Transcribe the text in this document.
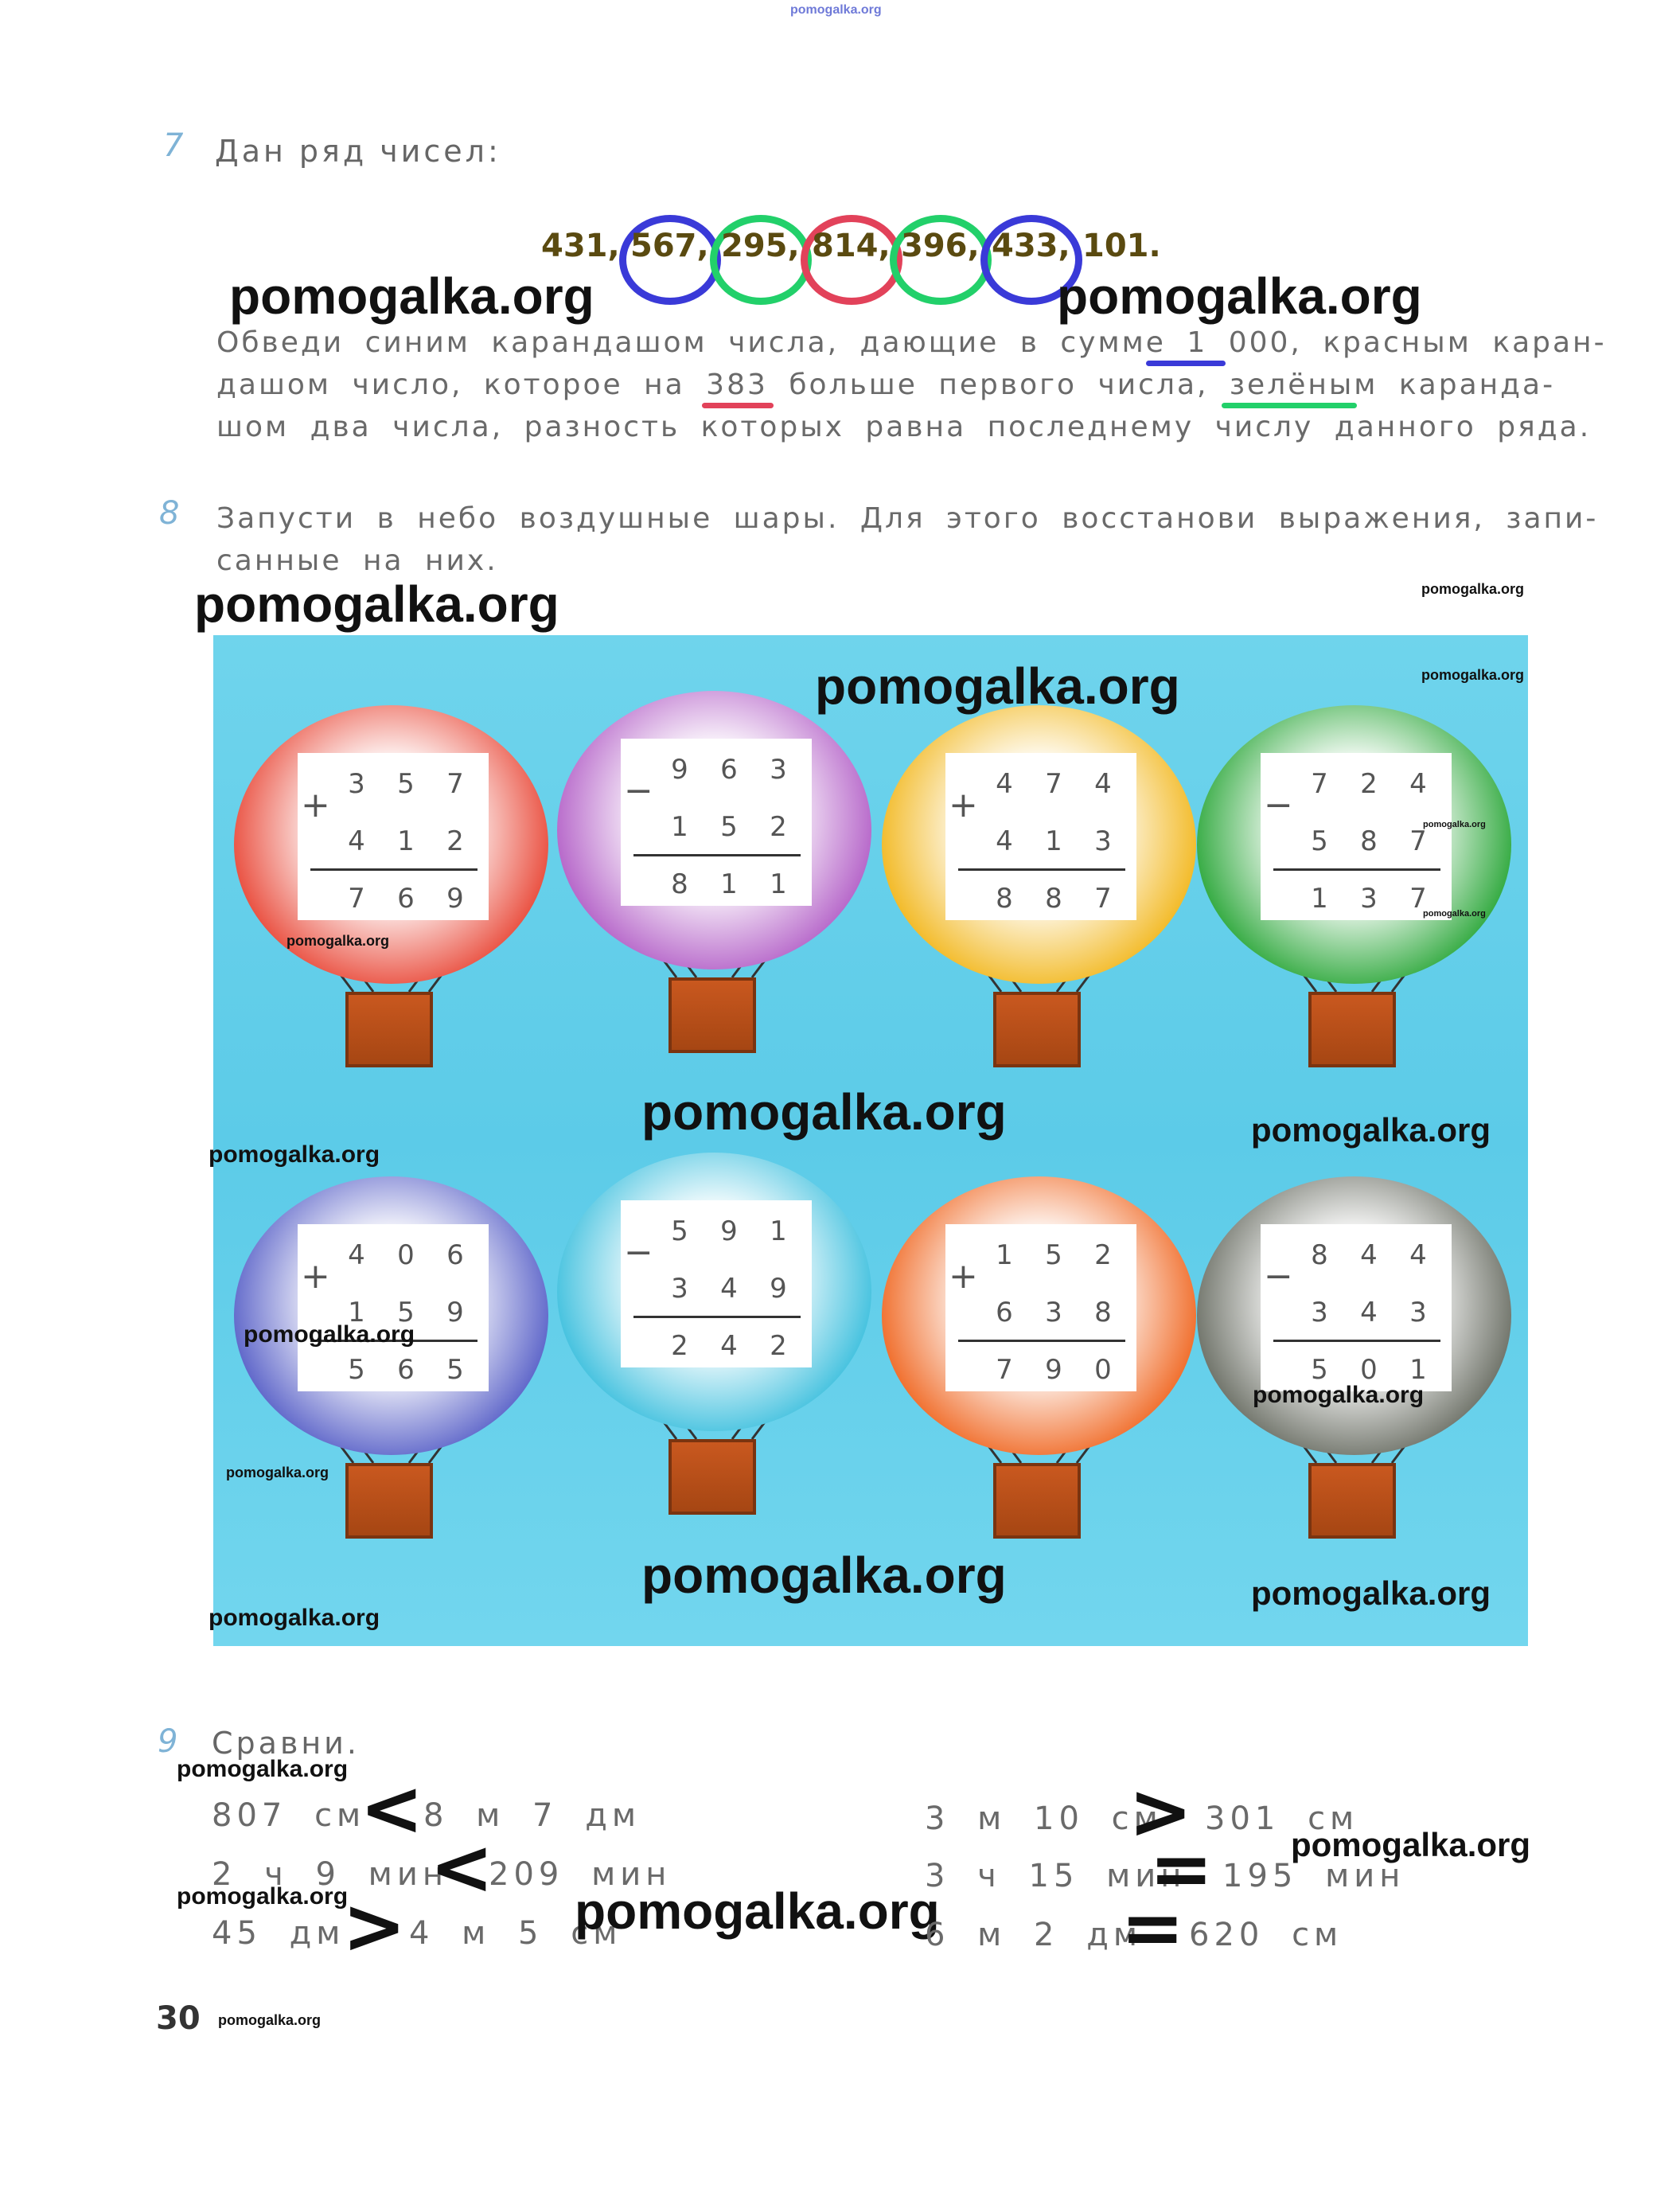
pomogalka.org
7 Дан ряд чисел:
431, 567, 295, 814, 396, 433, 101.
pomogalka.org	pomogalka.org
Обведи синим карандашом числа, дающие в сумме 1 000, красным каран-
дашом число, которое на 383 больше первого числа, зелёным каранда-
шом два числа, разность которых равна последнему числу данного ряда.
8 Запусти в небо воздушные шары. Для этого восстанови выражения, запи-
санные на них.
pomogalka.org	pomogalka.org
+
3	5	7
4	1	2
7	6	9
−
9	6	3
1	5	2
8	1	1
+
4	7	4
4	1	3
8	8	7
−
7	2	4
5	8	7
1	3	7
+
4	0	6
1	5	9
5	6	5
−
5	9	1
3	4	9
2	4	2
+
1	5	2
6	3	8
7	9	0
−
8	4	4
3	4	3
5	0	1
pomogalka.org	pomogalka.org
pomogalka.org
pomogalka.org
pomogalka.org
pomogalka.org	pomogalka.org
pomogalka.org
pomogalka.org
pomogalka.org
pomogalka.org
pomogalka.org	pomogalka.org
pomogalka.org
9 Сравни.
pomogalka.org
807 см
< 8 м 7 дм
2 ч 9 мин
<
209 мин
pomogalka.org
45 дм
> 4 м 5 см
3 м 10 см
> 301 см
pomogalka.org
3 ч 15 мин
= 195 мин
pomogalka.org
6 м 2 дм
= 620 см
30 pomogalka.org
